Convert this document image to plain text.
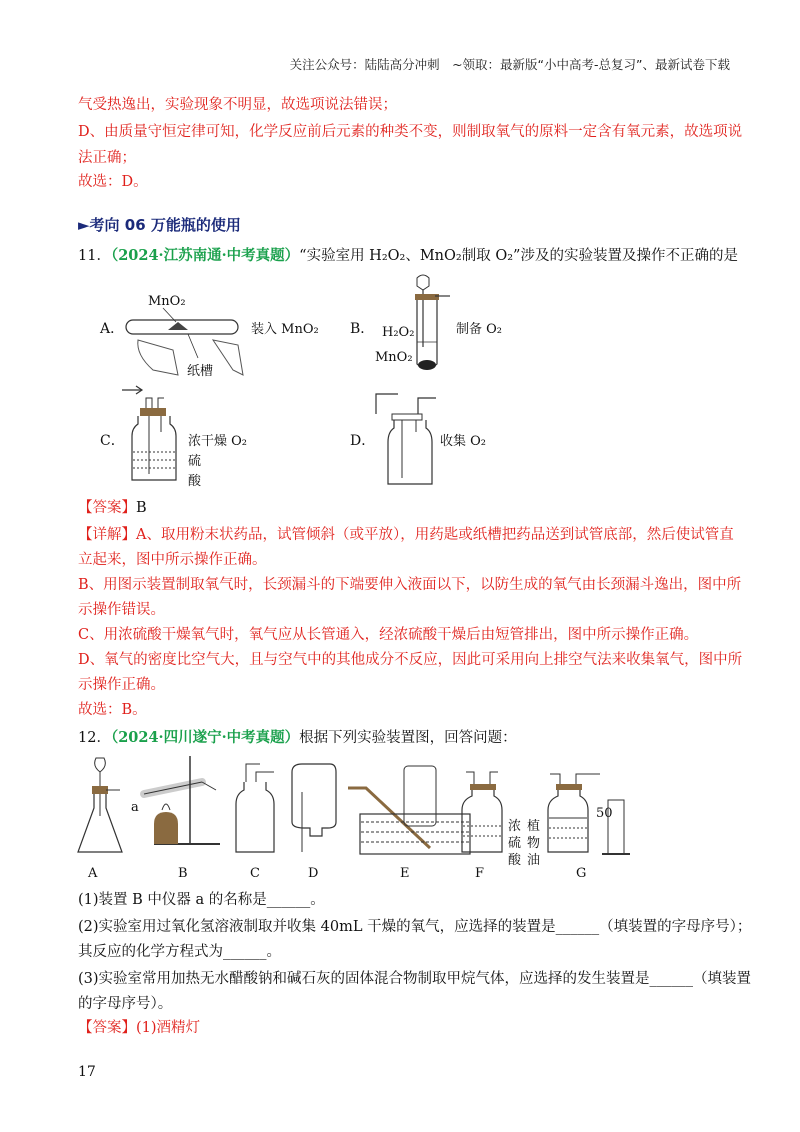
关注公众号：陆陆高分冲刺　~领取：最新版“小中高考-总复习”、最新试卷下载
气受热逸出，实验现象不明显，故选项说法错误；
D、由质量守恒定律可知，化学反应前后元素的种类不变，则制取氧气的原料一定含有氧元素，故选项说
法正确；
故选：D。
►考向 06 万能瓶的使用
11．（2024·江苏南通·中考真题）“实验室用 H₂O₂、MnO₂制取 O₂”涉及的实验装置及操作不正确的是
A．
MnO₂
装入 MnO₂
纸槽
B． H₂O₂
MnO₂
制备 O₂
C．	浓干燥 O₂
硫
酸
D．	收集 O₂
【答案】B
【详解】A、取用粉末状药品，试管倾斜（或平放），用药匙或纸槽把药品送到试管底部，然后使试管直
立起来，图中所示操作正确。
B、用图示装置制取氧气时，长颈漏斗的下端要伸入液面以下，以防生成的氧气由长颈漏斗逸出，图中所
示操作错误。
C、用浓硫酸干燥氧气时，氧气应从长管通入，经浓硫酸干燥后由短管排出，图中所示操作正确。
D、氧气的密度比空气大，且与空气中的其他成分不反应，因此可采用向上排空气法来收集氧气，图中所
示操作正确。
故选：B。
12．（2024·四川遂宁·中考真题）根据下列实验装置图，回答问题：
a
浓
硫
酸
植
物
油
50
A	B	C	D	E	F	G
(1)装置 B 中仪器 a 的名称是______。
(2)实验室用过氧化氢溶液制取并收集 40mL 干燥的氧气，应选择的装置是______（填装置的字母序号）；
其反应的化学方程式为______。
(3)实验室常用加热无水醋酸钠和碱石灰的固体混合物制取甲烷气体，应选择的发生装置是______（填装置
的字母序号）。
【答案】(1)酒精灯
17
